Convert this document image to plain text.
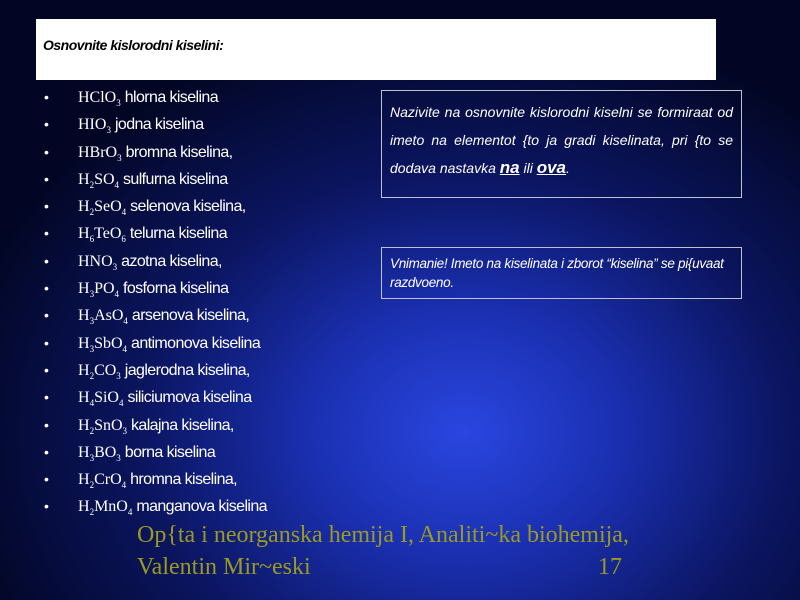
Osnovnite kislorodni kiselini:
• HClO$_3$ hlorna kiselina
• $HIO_3$ jodna kiselina
• HBrO$_3$ bromna kiselina,
• $H_2SO_4$ sulfurna kiselina
• $H_2SeO_4$ selenova kiselina,
• $H_6TeO_6$ telurna kiselina
• $HNO_3$ azotna kiselina,
• $H_3PO_4$ fosforna kiselina
• $H_3AsO_4$ arsenova kiselina,
• $H_3SbO_4$ antimonova kiselina
• $H_2CO_3$ jaglerodna kiselina,
• $H_4SiO_4$ siliciumova kiselina
• $H_2SnO_3$ kalajna kiselina,
• $H_3BO_3$ borna kiselina
• $H_2CrO_4$ hromna kiselina,
• $H_2MnO_4$ manganova kiselina
Nazivite na osnovnite kislorodni kiselni se formiraat od imeto na elementot {to ja gradi kiselinata, pri {to se dodava nastavka na ili ova.
Vnimanie! Imeto na kiselinata i zborot “kiselina” se pi{uvaat razdvoeno.
Op{ta i neorganska hemija I, Analiti~ka biohemija, Valentin Mir~eski	17
